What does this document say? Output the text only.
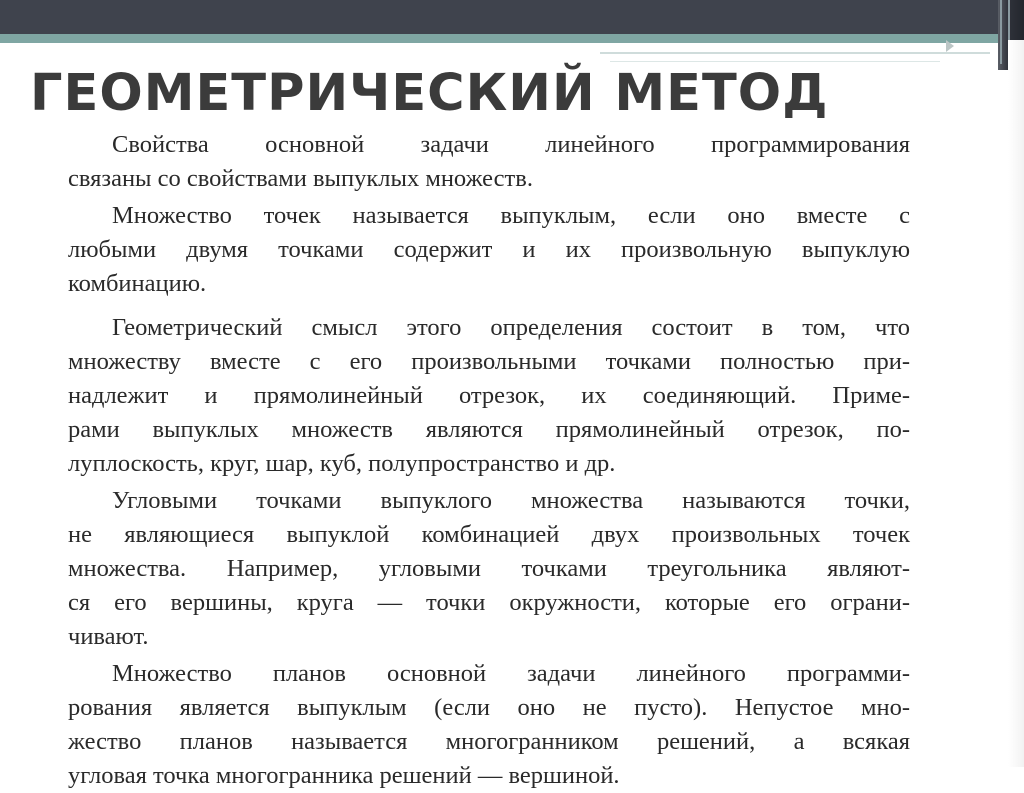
ГЕОМЕТРИЧЕСКИЙ МЕТОД

Свойства основной задачи линейного программирования
связаны со свойствами выпуклых множеств.

Множество точек называется выпуклым, если оно вместе с
любыми двумя точками содержит и их произвольную выпуклую
комбинацию.

Геометрический смысл этого определения состоит в том, что
множеству вместе с его произвольными точками полностью при-
надлежит и прямолинейный отрезок, их соединяющий. Приме-
рами выпуклых множеств являются прямолинейный отрезок, по-
луплоскость, круг, шар, куб, полупространство и др.

Угловыми точками выпуклого множества называются точки,
не являющиеся выпуклой комбинацией двух произвольных точек
множества. Например, угловыми точками треугольника являют-
ся его вершины, круга — точки окружности, которые его ограни-
чивают.

Множество планов основной задачи линейного программи-
рования является выпуклым (если оно не пусто). Непустое мно-
жество планов называется многогранником решений, а всякая
угловая точка многогранника решений — вершиной.
